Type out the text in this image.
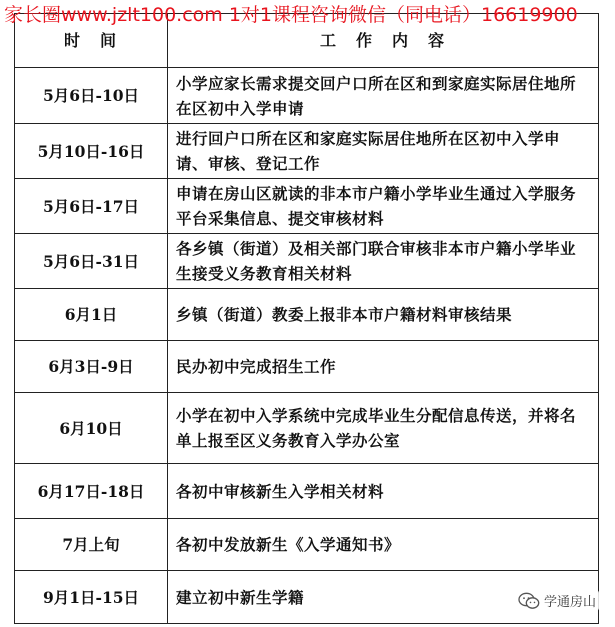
家长圈www.jzlt100.com 1对1课程咨询微信（同电话）16619900
时　间	工　作　内　容
5月6日-10日	小学应家长需求提交回户口所在区和到家庭实际居住地所在区初中入学申请
5月10日-16日	进行回户口所在区和家庭实际居住地所在区初中入学申请、审核、登记工作
5月6日-17日	申请在房山区就读的非本市户籍小学毕业生通过入学服务平台采集信息、提交审核材料
5月6日-31日	各乡镇（街道）及相关部门联合审核非本市户籍小学毕业生接受义务教育相关材料
6月1日	乡镇（街道）教委上报非本市户籍材料审核结果
6月3日-9日	民办初中完成招生工作
6月10日	小学在初中入学系统中完成毕业生分配信息传送，并将名单上报至区义务教育入学办公室
6月17日-18日	各初中审核新生入学相关材料
7月上旬	各初中发放新生《入学通知书》
9月1日-15日	建立初中新生学籍	学通房山
